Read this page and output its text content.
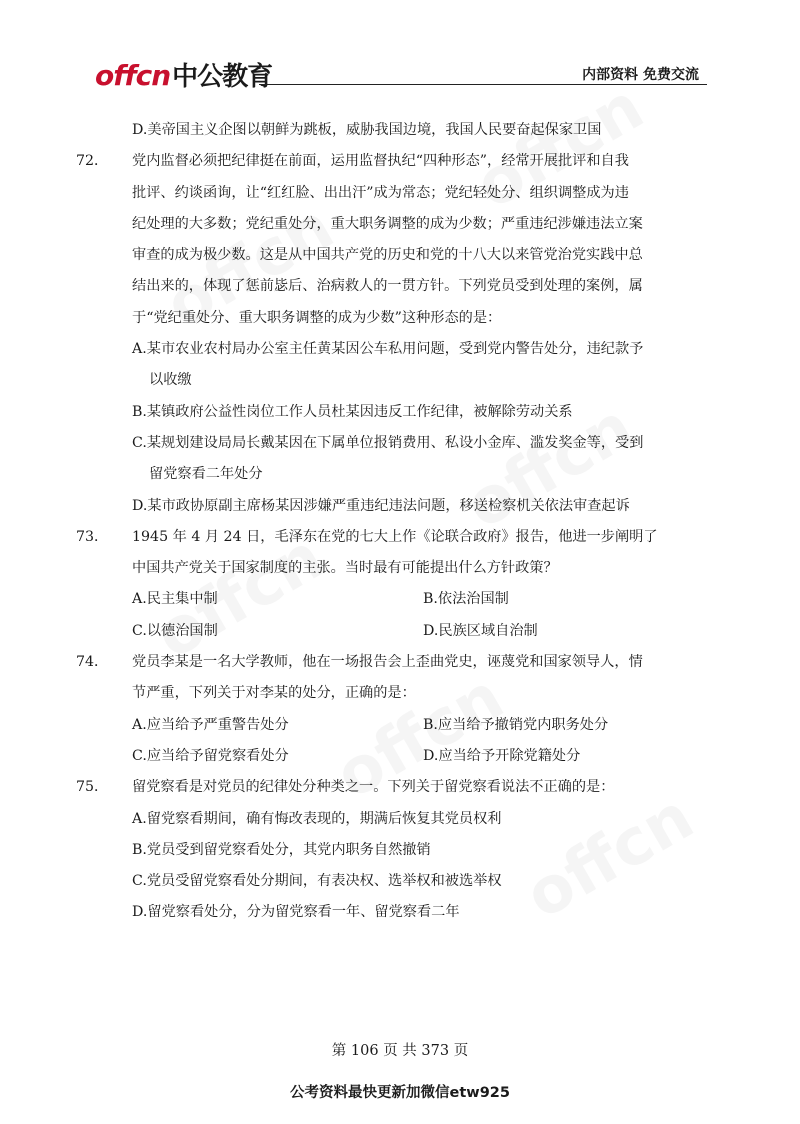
offcn中公教育	内部资料 免费交流
D.美帝国主义企图以朝鲜为跳板，威胁我国边境，我国人民要奋起保家卫国
72． 党内监督必须把纪律挺在前面，运用监督执纪“四种形态”，经常开展批评和自我
批评、约谈函询，让“红红脸、出出汗”成为常态；党纪轻处分、组织调整成为违
纪处理的大多数；党纪重处分，重大职务调整的成为少数；严重违纪涉嫌违法立案
审查的成为极少数。这是从中国共产党的历史和党的十八大以来管党治党实践中总
结出来的，体现了惩前毖后、治病救人的一贯方针。下列党员受到处理的案例，属
于“党纪重处分、重大职务调整的成为少数”这种形态的是：
A.某市农业农村局办公室主任黄某因公车私用问题，受到党内警告处分，违纪款予
以收缴
B.某镇政府公益性岗位工作人员杜某因违反工作纪律，被解除劳动关系
C.某规划建设局局长戴某因在下属单位报销费用、私设小金库、滥发奖金等，受到
留党察看二年处分
D.某市政协原副主席杨某因涉嫌严重违纪违法问题，移送检察机关依法审查起诉
73． 1945 年 4 月 24 日，毛泽东在党的七大上作《论联合政府》报告，他进一步阐明了
中国共产党关于国家制度的主张。当时最有可能提出什么方针政策？
A.民主集中制	B.依法治国制
C.以德治国制	D.民族区域自治制
74． 党员李某是一名大学教师，他在一场报告会上歪曲党史，诬蔑党和国家领导人，情
节严重，下列关于对李某的处分，正确的是：
A.应当给予严重警告处分	B.应当给予撤销党内职务处分
C.应当给予留党察看处分	D.应当给予开除党籍处分
75． 留党察看是对党员的纪律处分种类之一。下列关于留党察看说法不正确的是：
A.留党察看期间，确有悔改表现的，期满后恢复其党员权利
B.党员受到留党察看处分，其党内职务自然撤销
C.党员受留党察看处分期间，有表决权、选举权和被选举权
D.留党察看处分，分为留党察看一年、留党察看二年
第 106 页 共 373 页
公考资料最快更新加微信etw925
